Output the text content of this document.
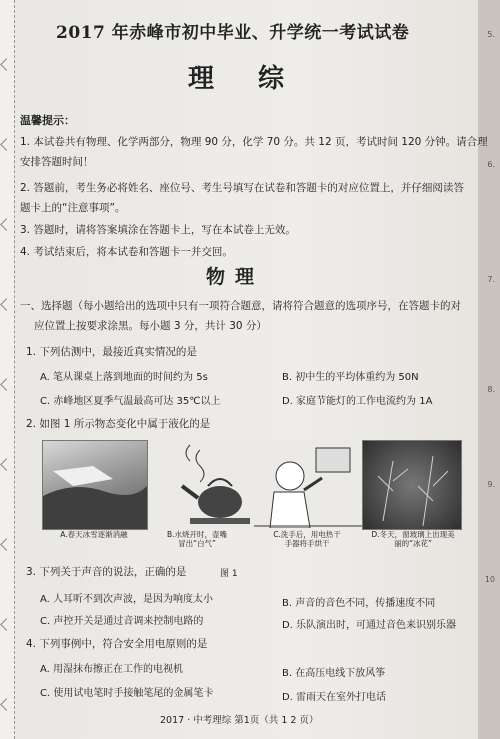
5.
6.
7.
8.
9.
10
2017 年赤峰市初中毕业、升学统一考试试卷
理综
温馨提示：
1. 本试卷共有物理、化学两部分，物理 90 分，化学 70 分。共 12 页，考试时间 120 分钟。请合理
安排答题时间！
2. 答题前，考生务必将姓名、座位号、考生号填写在试卷和答题卡的对应位置上，并仔细阅读答
题卡上的“注意事项”。
3. 答题时，请将答案填涂在答题卡上，写在本试卷上无效。
4. 考试结束后，将本试卷和答题卡一并交回。
物理
一、选择题（每小题给出的选项中只有一项符合题意，请将符合题意的选项序号，在答题卡的对
应位置上按要求涂黑。每小题 3 分，共计 30 分）
1. 下列估测中，最接近真实情况的是
A. 笔从课桌上落到地面的时间约为 5s	B. 初中生的平均体重约为 50N
C. 赤峰地区夏季气温最高可达 35℃以上	D. 家庭节能灯的工作电流约为 1A
2. 如图 1 所示物态变化中属于液化的是
A.春天冰雪逐渐消融	B.水烧开时，壶嘴冒出“白气”
C.洗手后，用电热干手器将手烘干
D.冬天，窗玻璃上出现美丽的“冰花”
3. 下列关于声音的说法，正确的是	图 1
A. 人耳听不到次声波，是因为响度太小	B. 声音的音色不同，传播速度不同
C. 声控开关是通过音调来控制电路的	D. 乐队演出时，可通过音色来识别乐器
4. 下列事例中，符合安全用电原则的是
A. 用湿抹布擦正在工作的电视机	B. 在高压电线下放风筝
C. 使用试电笔时手接触笔尾的金属笔卡	D. 雷雨天在室外打电话
2017 · 中考理综 第1页（共 1 2 页）
